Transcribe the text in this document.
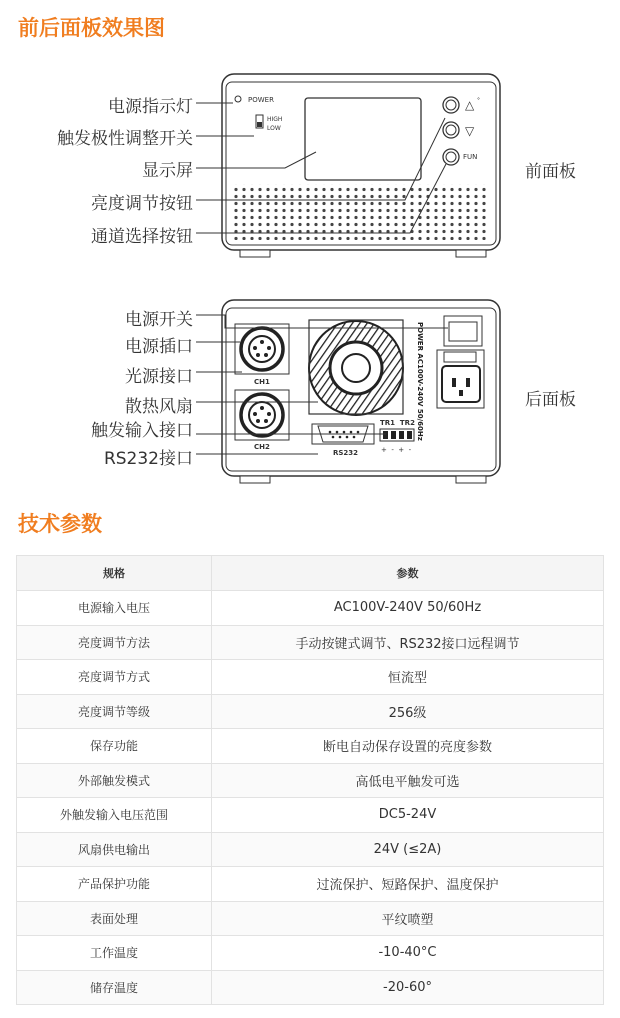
前后面板效果图
POWER
HIGH
LOW
△ °
▽
FUN
电源指示灯
触发极性调整开关
显示屏
亮度调节按钮
通道选择按钮
前面板
CH1
CH2
RS232
TR1  TR2
+  -  +  -
POWER AC100V-240V 50/60Hz
电源开关
电源插口
光源接口
散热风扇
触发输入接口
RS232接口
后面板
技术参数
规格	参数
电源输入电压	AC100V-240V 50/60Hz
亮度调节方法	手动按键式调节、RS232接口远程调节
亮度调节方式	恒流型
亮度调节等级	256级
保存功能	断电自动保存设置的亮度参数
外部触发模式	高低电平触发可选
外触发输入电压范围	DC5-24V
风扇供电输出	24V (≤2A)
产品保护功能	过流保护、短路保护、温度保护
表面处理	平纹喷塑
工作温度	-10-40°C
储存温度	-20-60°
